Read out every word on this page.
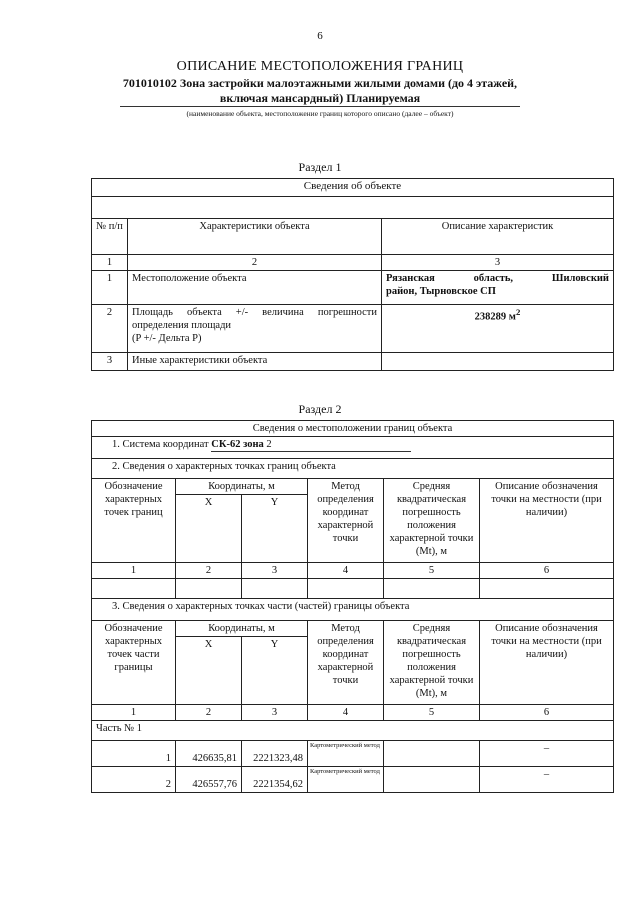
6
ОПИСАНИЕ МЕСТОПОЛОЖЕНИЯ ГРАНИЦ
701010102 Зона застройки малоэтажными жилыми домами (до 4 этажей,
включая мансардный) Планируемая
(наименование объекта, местоположение границ которого описано (далее – объект)
Раздел 1
Сведения об объекте		

№ п/п	Характеристики объекта	Описание характеристик
1	2	3
1	Местоположение объекта	Рязанская область, Шиловский
район, Тырновское СП

2	Площадь объекта +/- величина погрешности
определения площади
(P +/- Дельта P)	238289 $м^2$
3	Иные характеристики объекта	
Раздел 2
Сведения о местоположении границ объекта					
1. Система координат СК-62 зона 2					
2. Сведения о характерных точках границ объекта					
Обозначение характерных точек границ	Координаты, м		Метод определения координат характерной точки	Средняя квадратическая погрешность положения характерной точки (Mt), м	Описание обозначения точки на местности (при наличии)
	X	Y			
1	2	3	4	5	6

3. Сведения о характерных точках части (частей) границы объекта					
Обозначение характерных точек части границы	Координаты, м		Метод определения координат характерной точки	Средняя квадратическая погрешность положения характерной точки (Mt), м	Описание обозначения точки на местности (при наличии)
	X	Y			
1	2	3	4	5	6
Часть № 1					
1	426635,81	2221323,48	Картометрический метод		–
2	426557,76	2221354,62	Картометрический метод		–
